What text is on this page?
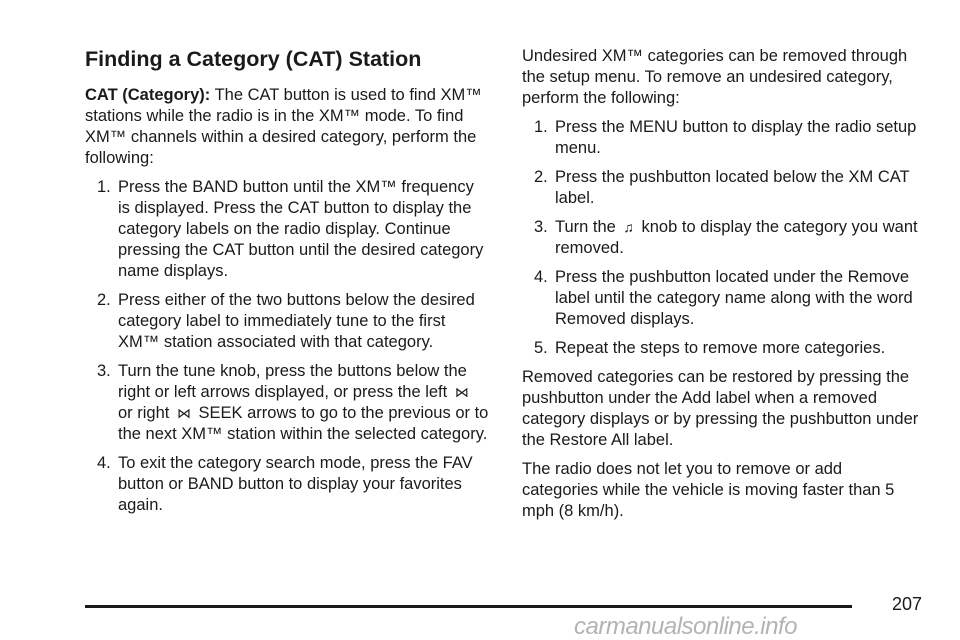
Finding a Category (CAT) Station

CAT (Category): The CAT button is used to find XM™ stations while the radio is in the XM™ mode. To find XM™ channels within a desired category, perform the following:

1. Press the BAND button until the XM™ frequency is displayed. Press the CAT button to display the category labels on the radio display. Continue pressing the CAT button until the desired category name displays.
2. Press either of the two buttons below the desired category label to immediately tune to the first XM™ station associated with that category.
3. Turn the tune knob, press the buttons below the right or left arrows displayed, or press the left ⋈ or right ⋈ SEEK arrows to go to the previous or to the next XM™ station within the selected category.
4. To exit the category search mode, press the FAV button or BAND button to display your favorites again.

Undesired XM™ categories can be removed through the setup menu. To remove an undesired category, perform the following:

1. Press the MENU button to display the radio setup menu.
2. Press the pushbutton located below the XM CAT label.
3. Turn the ♫ knob to display the category you want removed.
4. Press the pushbutton located under the Remove label until the category name along with the word Removed displays.
5. Repeat the steps to remove more categories.

Removed categories can be restored by pressing the pushbutton under the Add label when a removed category displays or by pressing the pushbutton under the Restore All label.

The radio does not let you to remove or add categories while the vehicle is moving faster than 5 mph (8 km/h).

207
carmanualsonline.info
